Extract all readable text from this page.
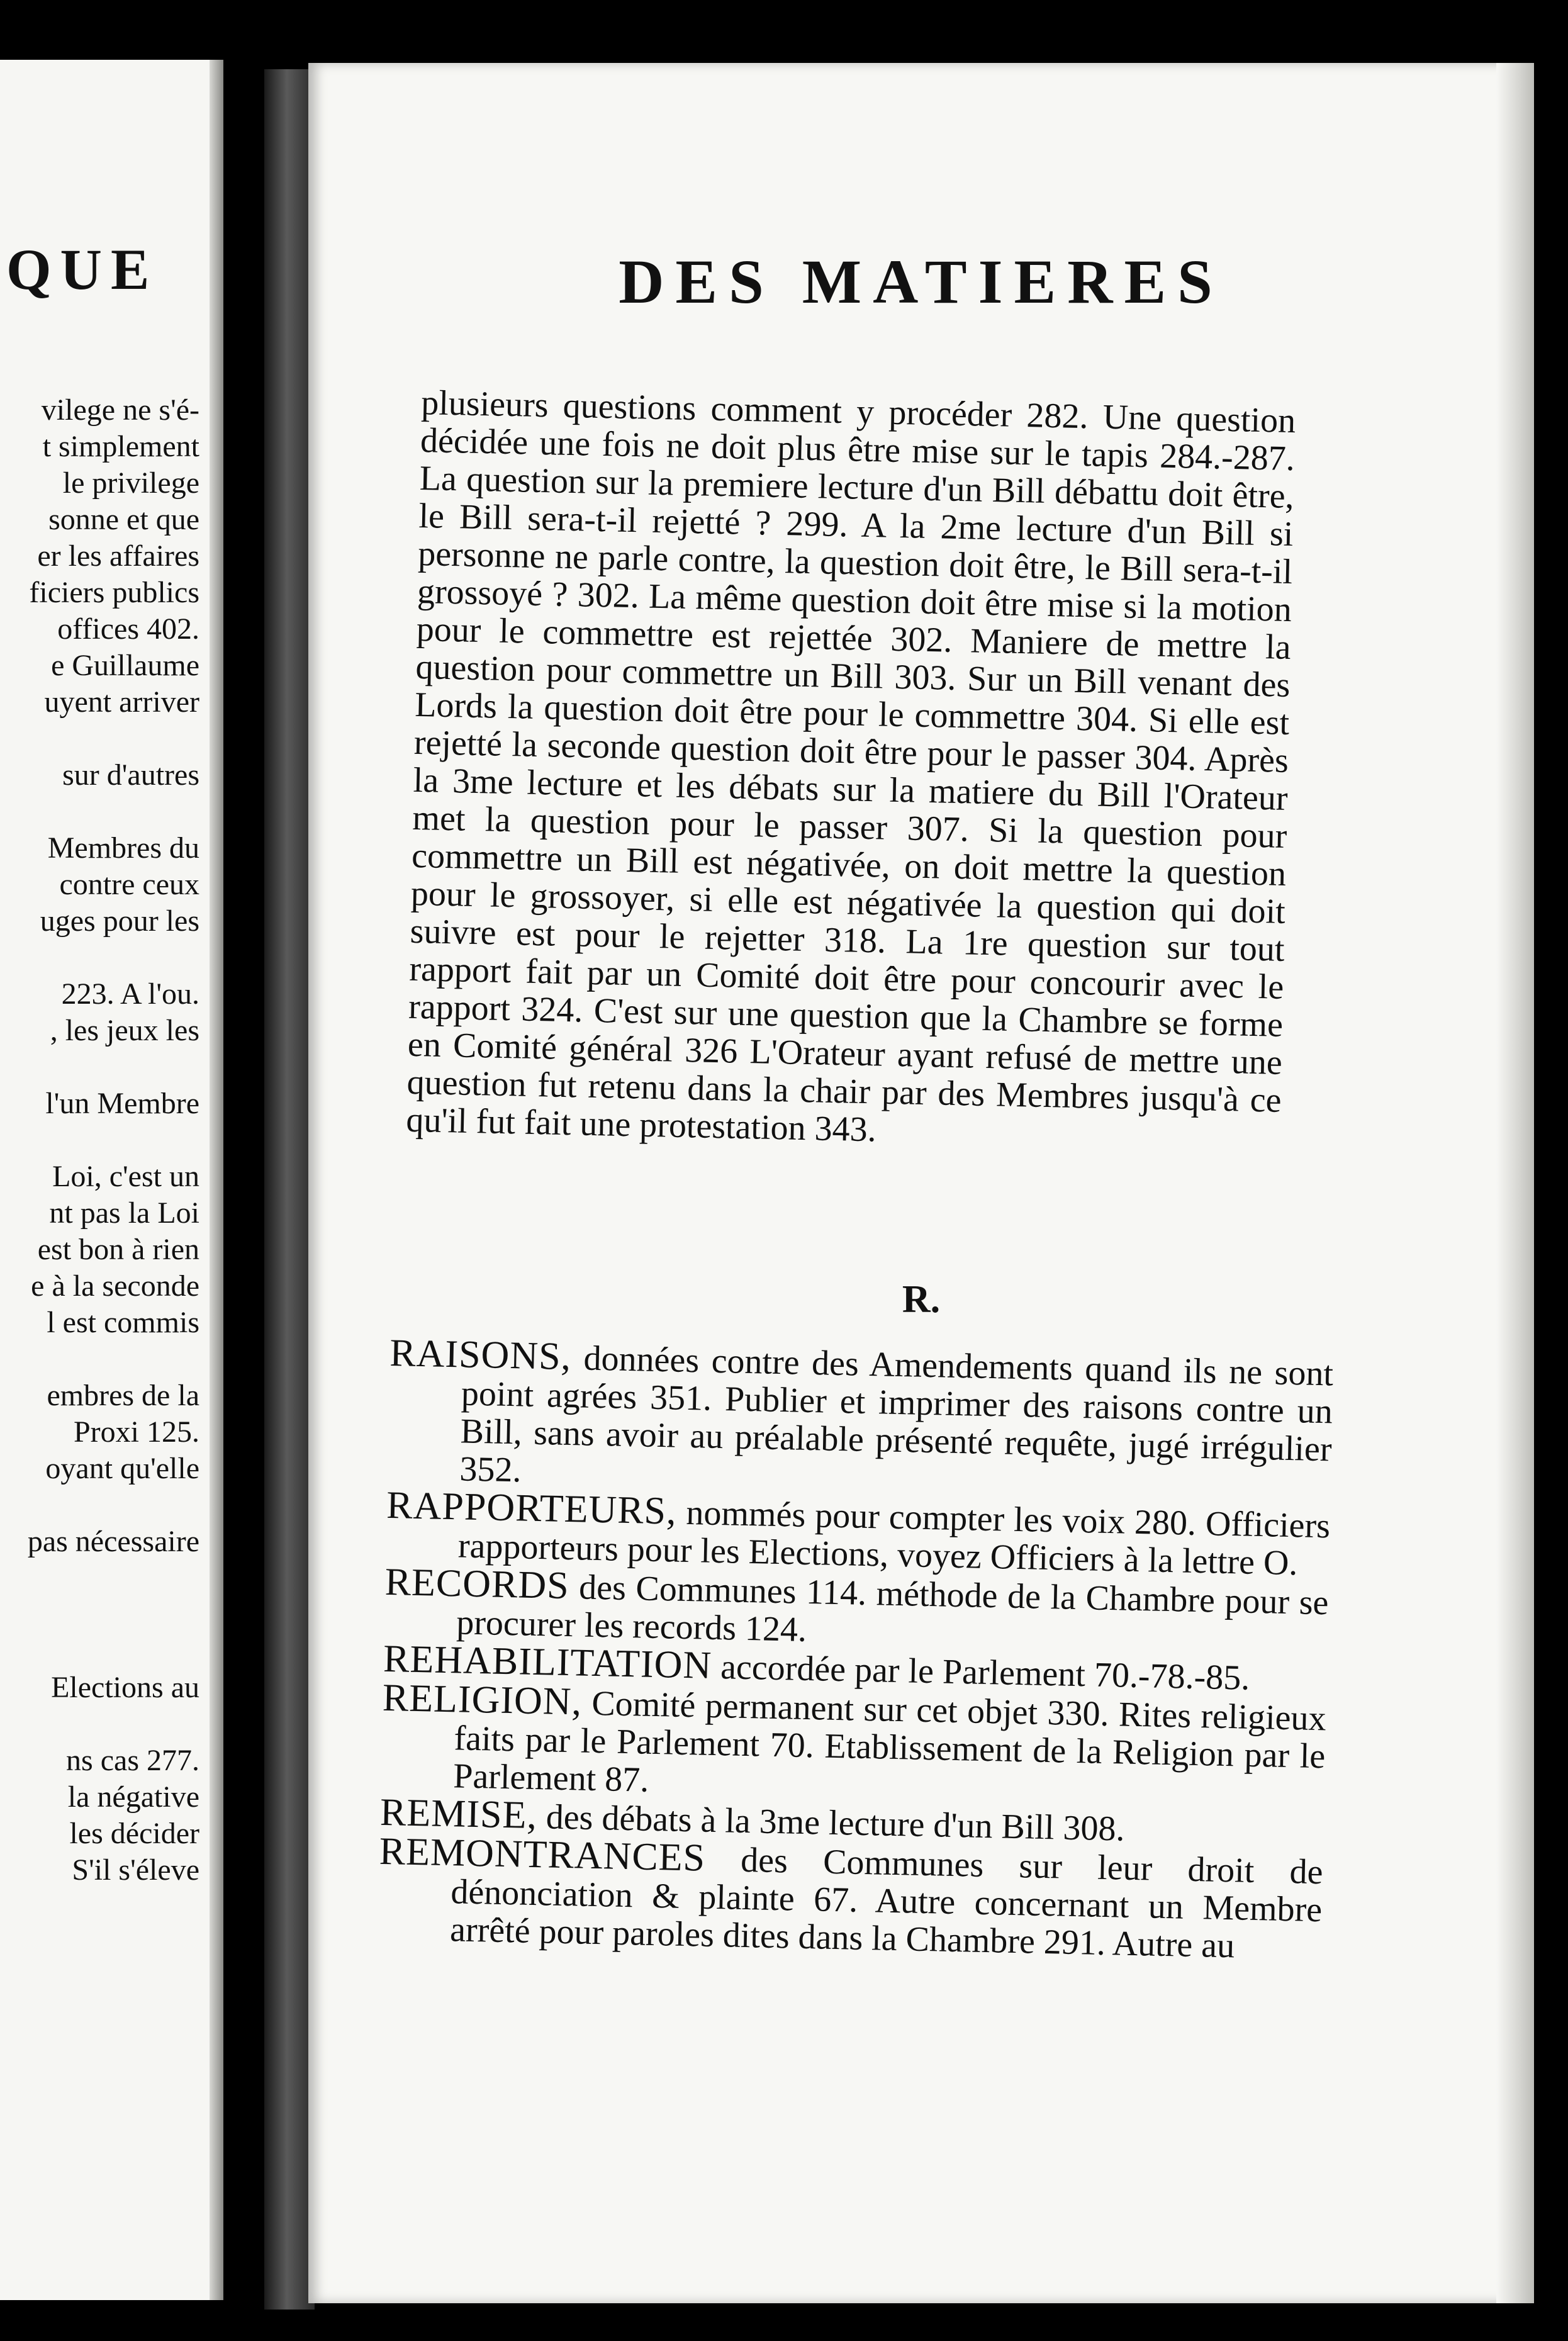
QUE
vilege ne s'é-
t simplement
le privilege
sonne et que
er les affaires
ficiers publics
offices 402.
e Guillaume
uyent arriver
sur d'autres
Membres du
contre ceux
uges pour les
223. A l'ou.
, les jeux les
l'un Membre
Loi, c'est un
nt pas la Loi
est bon à rien
e à la seconde
l est commis
embres de la
Proxi 125.
oyant qu'elle
pas nécessaire
Elections au
ns cas 277.
la négative
les décider
S'il s'éleve
DES MATIERES

plusieurs questions comment y procéder 282. Une question décidée une fois ne doit plus être mise sur le tapis 284.-287. La question sur la premiere lecture d'un Bill débattu doit être, le Bill sera-t-il rejetté ? 299. A la 2me lecture d'un Bill si personne ne parle contre, la question doit être, le Bill sera-t-il grossoyé ? 302. La même question doit être mise si la motion pour le commettre est rejettée 302. Maniere de mettre la question pour commettre un Bill 303. Sur un Bill venant des Lords la question doit être pour le commettre 304. Si elle est rejetté la seconde question doit être pour le passer 304. Après la 3me lecture et les débats sur la matiere du Bill l'Orateur met la question pour le passer 307. Si la question pour commettre un Bill est négativée, on doit mettre la question pour le grossoyer, si elle est négativée la question qui doit suivre est pour le rejetter 318. La 1re question sur tout rapport fait par un Comité doit être pour concourir avec le rapport 324. C'est sur une question que la Chambre se forme en Comité général 326 L'Orateur ayant refusé de mettre une question fut retenu dans la chair par des Membres jusqu'à ce qu'il fut fait une protestation 343.

R.
RAISONS, données contre des Amendements quand ils ne sont point agrées 351. Publier et imprimer des raisons contre un Bill, sans avoir au préalable présenté requête, jugé irrégulier 352.
RAPPORTEURS, nommés pour compter les voix 280. Officiers rapporteurs pour les Elections, voyez Officiers à la lettre O.
RECORDS des Communes 114. méthode de la Chambre pour se procurer les records 124.
REHABILITATION accordée par le Parlement 70.-78.-85.
RELIGION, Comité permanent sur cet objet 330. Rites religieux faits par le Parlement 70. Etablissement de la Religion par le Parlement 87.
REMISE, des débats à la 3me lecture d'un Bill 308.
REMONTRANCES des Communes sur leur droit de dénonciation & plainte 67. Autre concernant un Membre arrêté pour paroles dites dans la Chambre 291. Autre au
